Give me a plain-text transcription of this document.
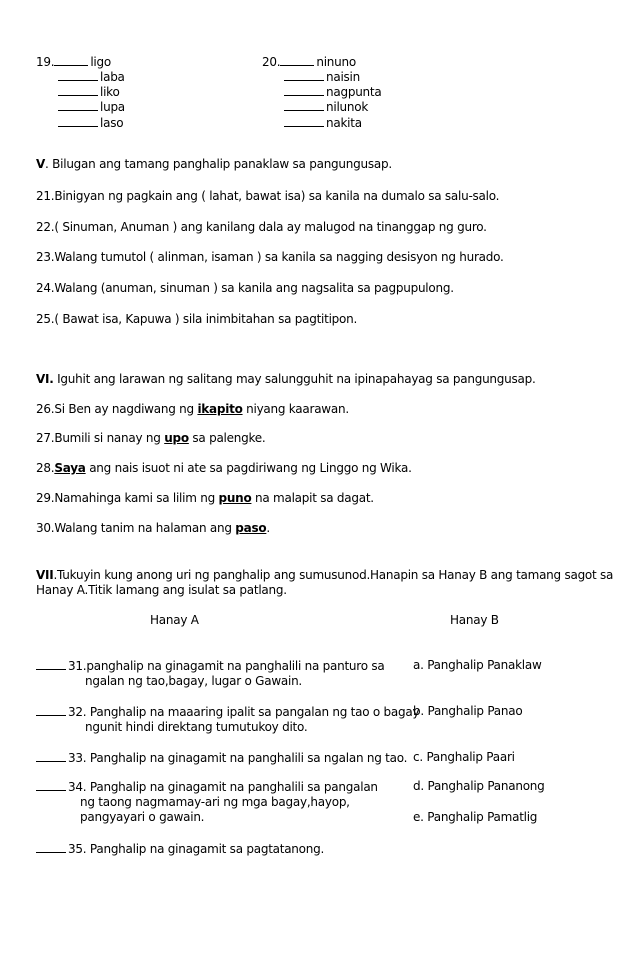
19.	ligo
laba
liko
lupa
laso
20.	ninuno
naisin
nagpunta
nilunok
nakita
V. Bilugan ang tamang panghalip panaklaw sa pangungusap.
21.Binigyan ng pagkain ang ( lahat, bawat isa) sa kanila na dumalo sa salu-salo.
22.( Sinuman, Anuman ) ang kanilang dala ay malugod na tinanggap ng guro.
23.Walang tumutol ( alinman, isaman ) sa kanila sa nagging desisyon ng hurado.
24.Walang (anuman, sinuman ) sa kanila ang nagsalita sa pagpupulong.
25.( Bawat isa, Kapuwa ) sila inimbitahan sa pagtitipon.
VI. Iguhit ang larawan ng salitang may salungguhit na ipinapahayag sa pangungusap.
26.Si Ben ay nagdiwang ng ikapito niyang kaarawan.
27.Bumili si nanay ng upo sa palengke.
28.Saya ang nais isuot ni ate sa pagdiriwang ng Linggo ng Wika.
29.Namahinga kami sa lilim ng puno na malapit sa dagat.
30.Walang tanim na halaman ang paso.
VII.Tukuyin kung anong uri ng panghalip ang sumusunod.Hanapin sa Hanay B ang tamang sagot sa
Hanay A.Titik lamang ang isulat sa patlang.
Hanay A	Hanay B
31.panghalip na ginagamit na panghalili na panturo sa
ngalan ng tao,bagay, lugar o Gawain.
32. Panghalip na maaaring ipalit sa pangalan ng tao o bagay
ngunit hindi direktang tumutukoy dito.
33. Panghalip na ginagamit na panghalili sa ngalan ng tao.
34. Panghalip na ginagamit na panghalili sa pangalan
ng taong nagmamay-ari ng mga bagay,hayop,
pangyayari o gawain.
35. Panghalip na ginagamit sa pagtatanong.
a. Panghalip Panaklaw
b. Panghalip Panao
c. Panghalip Paari
d. Panghalip Pananong
e. Panghalip Pamatlig
